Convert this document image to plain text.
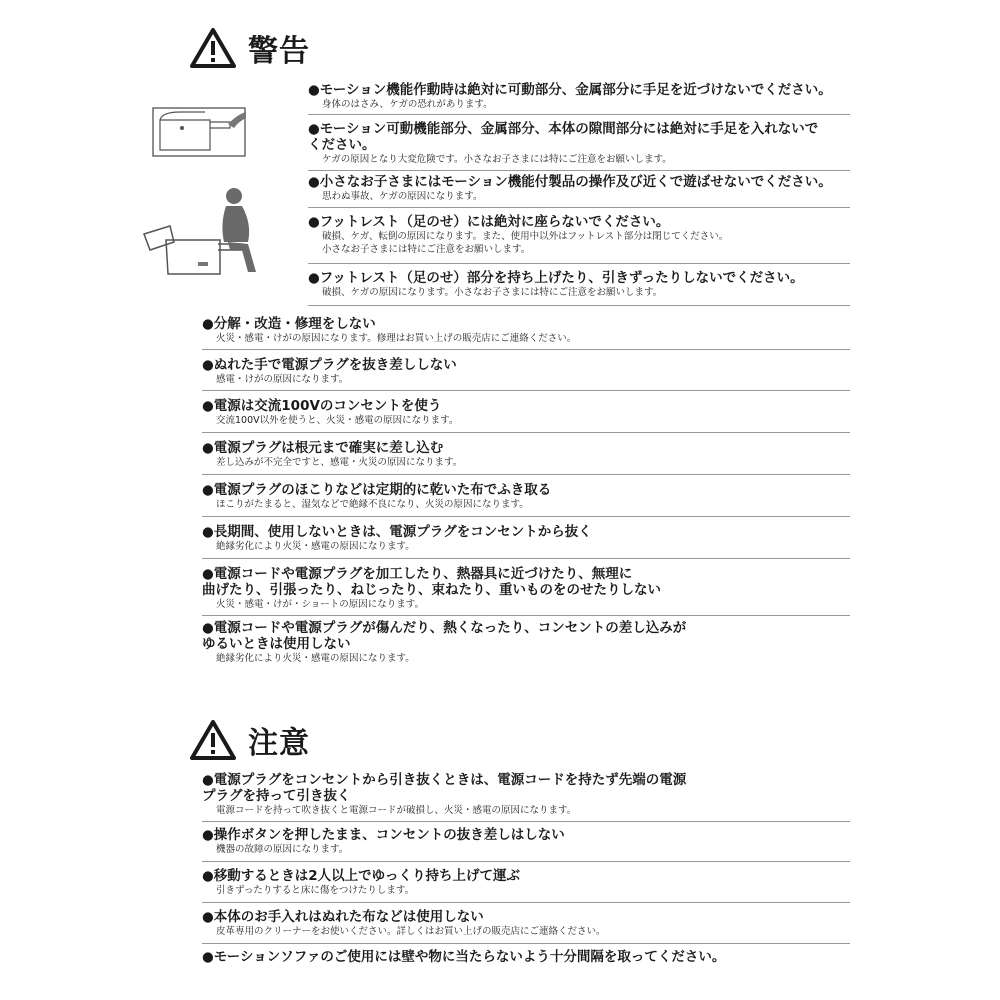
警告
●モーション機能作動時は絶対に可動部分、金属部分に手足を近づけないでください。
身体のはさみ、ケガの恐れがあります。
●モーション可動機能部分、金属部分、本体の隙間部分には絶対に手足を入れないで
ください。
ケガの原因となり大変危険です。小さなお子さまには特にご注意をお願いします。
●小さなお子さまにはモーション機能付製品の操作及び近くで遊ばせないでください。
思わぬ事故、ケガの原因になります。
●フットレスト（足のせ）には絶対に座らないでください。
破損、ケガ、転倒の原因になります。また、使用中以外はフットレスト部分は閉じてください。
小さなお子さまには特にご注意をお願いします。
●フットレスト（足のせ）部分を持ち上げたり、引きずったりしないでください。
破損、ケガの原因になります。小さなお子さまには特にご注意をお願いします。
●分解・改造・修理をしない
火災・感電・けがの原因になります。修理はお買い上げの販売店にご連絡ください。
●ぬれた手で電源プラグを抜き差ししない
感電・けがの原因になります。
●電源は交流100Vのコンセントを使う
交流100V以外を使うと、火災・感電の原因になります。
●電源プラグは根元まで確実に差し込む
差し込みが不完全ですと、感電・火災の原因になります。
●電源プラグのほこりなどは定期的に乾いた布でふき取る
ほこりがたまると、湿気などで絶縁不良になり、火災の原因になります。
●長期間、使用しないときは、電源プラグをコンセントから抜く
絶縁劣化により火災・感電の原因になります。
●電源コードや電源プラグを加工したり、熱器具に近づけたり、無理に
曲げたり、引張ったり、ねじったり、束ねたり、重いものをのせたりしない
火災・感電・けが・ショートの原因になります。
●電源コードや電源プラグが傷んだり、熱くなったり、コンセントの差し込みが
ゆるいときは使用しない
絶縁劣化により火災・感電の原因になります。
注意
●電源プラグをコンセントから引き抜くときは、電源コードを持たず先端の電源
プラグを持って引き抜く
電源コードを持って吹き抜くと電源コードが破損し、火災・感電の原因になります。
●操作ボタンを押したまま、コンセントの抜き差しはしない
機器の故障の原因になります。
●移動するときは2人以上でゆっくり持ち上げて運ぶ
引きずったりすると床に傷をつけたりします。
●本体のお手入れはぬれた布などは使用しない
皮革専用のクリーナーをお使いください。詳しくはお買い上げの販売店にご連絡ください。
●モーションソファのご使用には壁や物に当たらないよう十分間隔を取ってください。
